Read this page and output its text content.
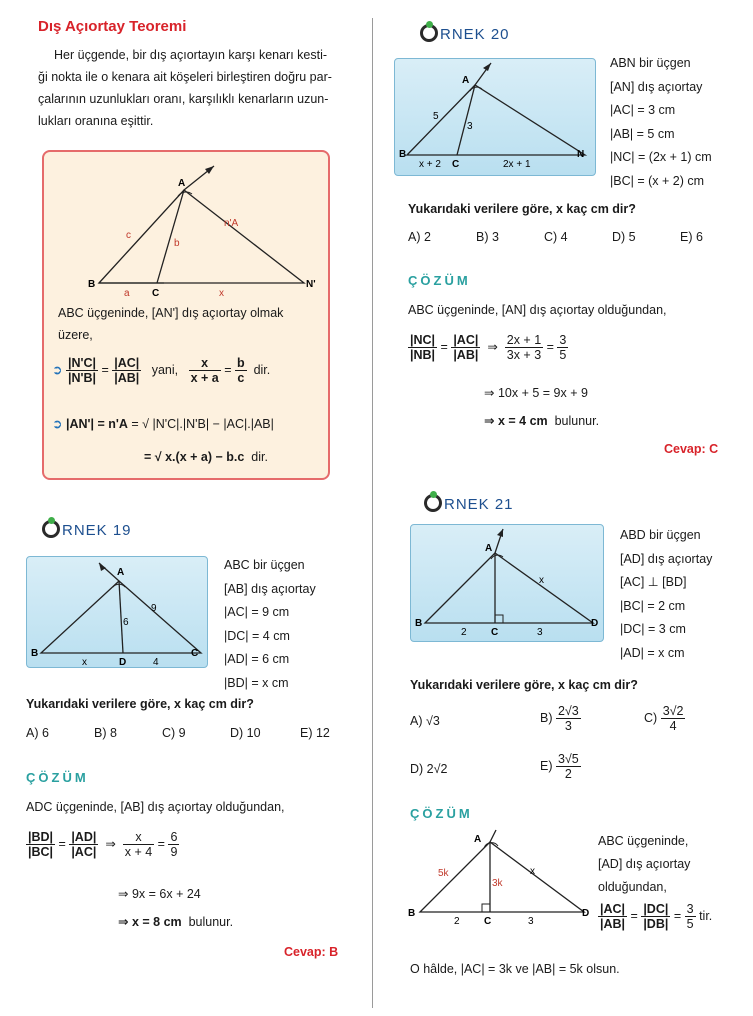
Dış Açıortay Teoremi
Her üçgende, bir dış açıortayın karşı kenarı kesti-
ği nokta ile o kenara ait köşeleri birleştiren doğru par-
çalarının uzunlukları oranı, karşılıklı kenarların uzun-
lukları oranına eşittir.
A
B
C
N'
c
b
n'A
a	x
ABC üçgeninde, [AN'] dış açıortay olmak
üzere,
➲ $\frac{|N'C|}{|N'B|} = \frac{|AC|}{|AB|}$ yani, $\frac{x}{x + a} = \frac{b}{c}$ dir.
➲ |AN'| = n'A = √ |N'C|.|N'B| − |AC|.|AB|
= √ x.(x + a) − b.c dir.
RNEK 19
A
B	C
D
6
9
x	4
ABC bir üçgen
[AB] dış açıortay
|AC| = 9 cm
|DC| = 4 cm
|AD| = 6 cm
|BD| = x cm
Yukarıdaki verilere göre, x kaç cm dir?
A) 6	B) 8	C) 9	D) 10	E) 12
ÇÖZÜM
ADC üçgeninde, [AB] dış açıortay olduğundan,
$\frac{|BD|}{|BC|} = \frac{|AD|}{|AC|}$ ⇒ $\frac{x}{x + 4} = \frac{6}{9}$
⇒ 9x = 6x + 24
⇒ x = 8 cm bulunur.
Cevap: B
RNEK 20
A
B
C
N
5
3
x + 2	2x + 1
ABN bir üçgen
[AN] dış açıortay
|AC| = 3 cm
|AB| = 5 cm
|NC| = (2x + 1) cm
|BC| = (x + 2) cm
Yukarıdaki verilere göre, x kaç cm dir?
A) 2	B) 3	C) 4	D) 5	E) 6
ÇÖZÜM
ABC üçgeninde, [AN] dış açıortay olduğundan,
$\frac{|NC|}{|NB|} = \frac{|AC|}{|AB|}$ ⇒ $\frac{2x + 1}{3x + 3} = \frac{3}{5}$
⇒ 10x + 5 = 9x + 9
⇒ x = 4 cm bulunur.
Cevap: C
RNEK 21
A
B
C
D
x
2	3
ABD bir üçgen
[AD] dış açıortay
[AC] ⊥ [BD]
|BC| = 2 cm
|DC| = 3 cm
|AD| = x cm
Yukarıdaki verilere göre, x kaç cm dir?
A) √3	$B) \frac{2√3}{3}$	$C) \frac{3√2}{4}$
D) 2√2	$E) \frac{3√5}{2}$
ÇÖZÜM
A
B
C
D
5k
3k
x
2	3
ABC üçgeninde,
[AD] dış açıortay
olduğundan,
$\frac{|AC|}{|AB|} = \frac{|DC|}{|DB|} = \frac{3}{5}$ tir.
O hâlde, |AC| = 3k ve |AB| = 5k olsun.
